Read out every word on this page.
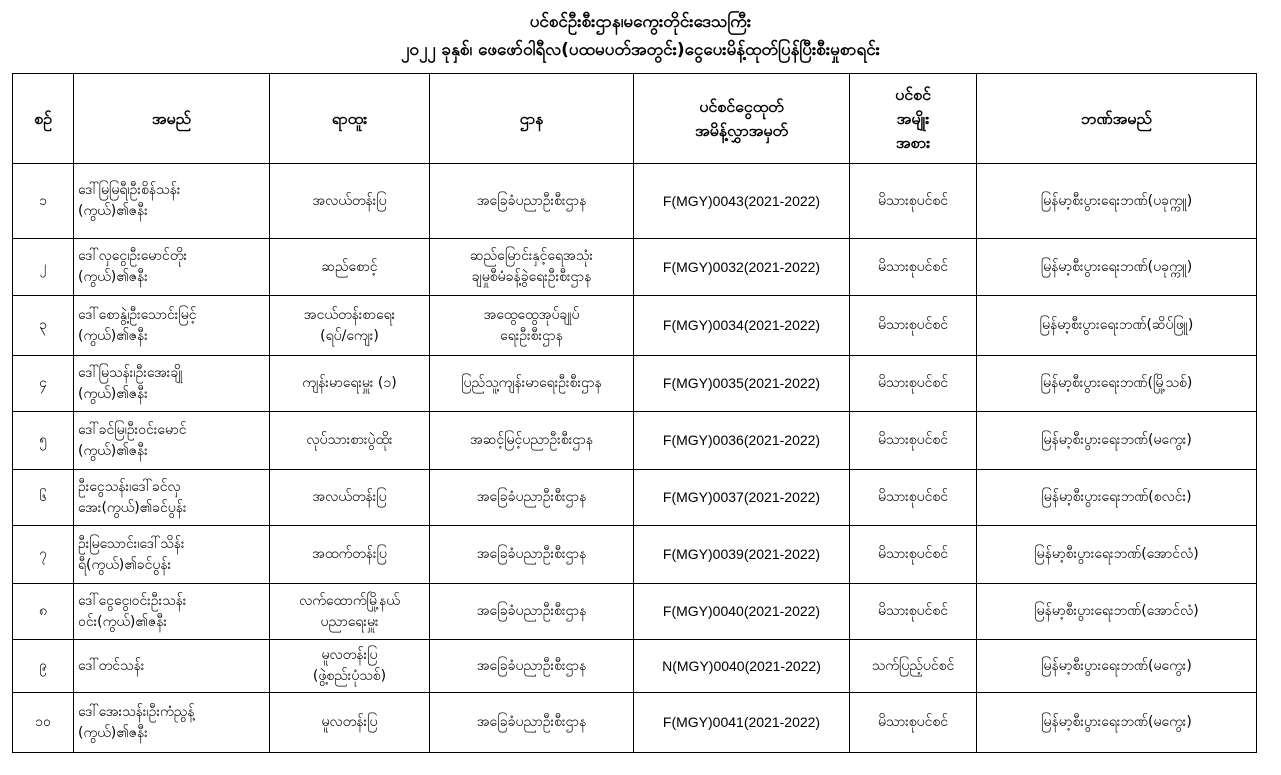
ပင်စင်ဦးစီးဌာန၊မကွေးတိုင်းဒေသကြီး
၂၀၂၂ ခုနှစ်၊ ဖေဖော်ဝါရီလ(ပထမပတ်အတွင်း)ငွေပေးမိန့်ထုတ်ပြန်ပြီးစီးမှုစာရင်း
စဉ်	အမည်	ရာထူး	ဌာန	ပင်စင်ငွေထုတ်
အမိန့်လွှာအမှတ်	ပင်စင်
အမျိုး
အစား	ဘဏ်အမည်
၁	ဒေါ်မြမြရီ၊ဦးစိန်သန်း
(ကွယ်)၏ဇနီး	အလယ်တန်းပြ	အခြေခံပညာဦးစီးဌာန	F(MGY)0043(2021-2022)	မိသားစုပင်စင်	မြန်မာ့စီးပွားရေးဘဏ်(ပခုက္ကူ)
၂	ဒေါ်လှငွေ၊ဦးမောင်တိုး
(ကွယ်)၏ဇနီး	ဆည်စောင့်	ဆည်မြောင်းနှင့်ရေအသုံး
ချမှုစီမံခန့်ခွဲရေးဦးစီးဌာန	F(MGY)0032(2021-2022)	မိသားစုပင်စင်	မြန်မာ့စီးပွားရေးဘဏ်(ပခုက္ကူ)
၃	ဒေါ်စောနွဲ့၊ဦးသောင်းမြင့်
(ကွယ်)၏ဇနီး	အငယ်တန်းစာရေး
(ရပ်/ကျေး)	အထွေထွေအုပ်ချုပ်
ရေးဦးစီးဌာန	F(MGY)0034(2021-2022)	မိသားစုပင်စင်	မြန်မာ့စီးပွားရေးဘဏ်(ဆိပ်ဖြူ)
၄	ဒေါ်မြသန်း၊ဦးအေးချို
(ကွယ်)၏ဇနီး	ကျန်းမာရေးမှူး (၁)	ပြည်သူ့ကျန်းမာရေးဦးစီးဌာန	F(MGY)0035(2021-2022)	မိသားစုပင်စင်	မြန်မာ့စီးပွားရေးဘဏ်(မြို့သစ်)
၅	ဒေါ်ခင်မြ၊ဦးဝင်းမောင်
(ကွယ်)၏ဇနီး	လုပ်သားစားပွဲထိုး	အဆင့်မြင့်ပညာဦးစီးဌာန	F(MGY)0036(2021-2022)	မိသားစုပင်စင်	မြန်မာ့စီးပွားရေးဘဏ်(မကွေး)
၆	ဦးငွေသန်း၊ဒေါ်ခင်လှ
အေး(ကွယ်)၏ခင်ပွန်း	အလယ်တန်းပြ	အခြေခံပညာဦးစီးဌာန	F(MGY)0037(2021-2022)	မိသားစုပင်စင်	မြန်မာ့စီးပွားရေးဘဏ်(စလင်း)
၇	ဦးမြသောင်း၊ဒေါ်သိန်း
ရီ(ကွယ်)၏ခင်ပွန်း	အထက်တန်းပြ	အခြေခံပညာဦးစီးဌာန	F(MGY)0039(2021-2022)	မိသားစုပင်စင်	မြန်မာ့စီးပွားရေးဘဏ်(အောင်လံ)
၈	ဒေါ်ငွေငွေ၊ဝင်းဦးသန်း
ဝင်း(ကွယ်)၏ဇနီး	လက်ထောက်မြို့နယ်
ပညာရေးမှူး	အခြေခံပညာဦးစီးဌာန	F(MGY)0040(2021-2022)	မိသားစုပင်စင်	မြန်မာ့စီးပွားရေးဘဏ်(အောင်လံ)
၉	ဒေါ်တင်သန်း	မူလတန်းပြ
(ဖွဲ့စည်းပုံသစ်)	အခြေခံပညာဦးစီးဌာန	N(MGY)0040(2021-2022)	သက်ပြည့်ပင်စင်	မြန်မာ့စီးပွားရေးဘဏ်(မကွေး)
၁၀	ဒေါ်အေးသန်း၊ဦးကံညွန့်
(ကွယ်)၏ဇနီး	မူလတန်းပြ	အခြေခံပညာဦးစီးဌာန	F(MGY)0041(2021-2022)	မိသားစုပင်စင်	မြန်မာ့စီးပွားရေးဘဏ်(မကွေး)
